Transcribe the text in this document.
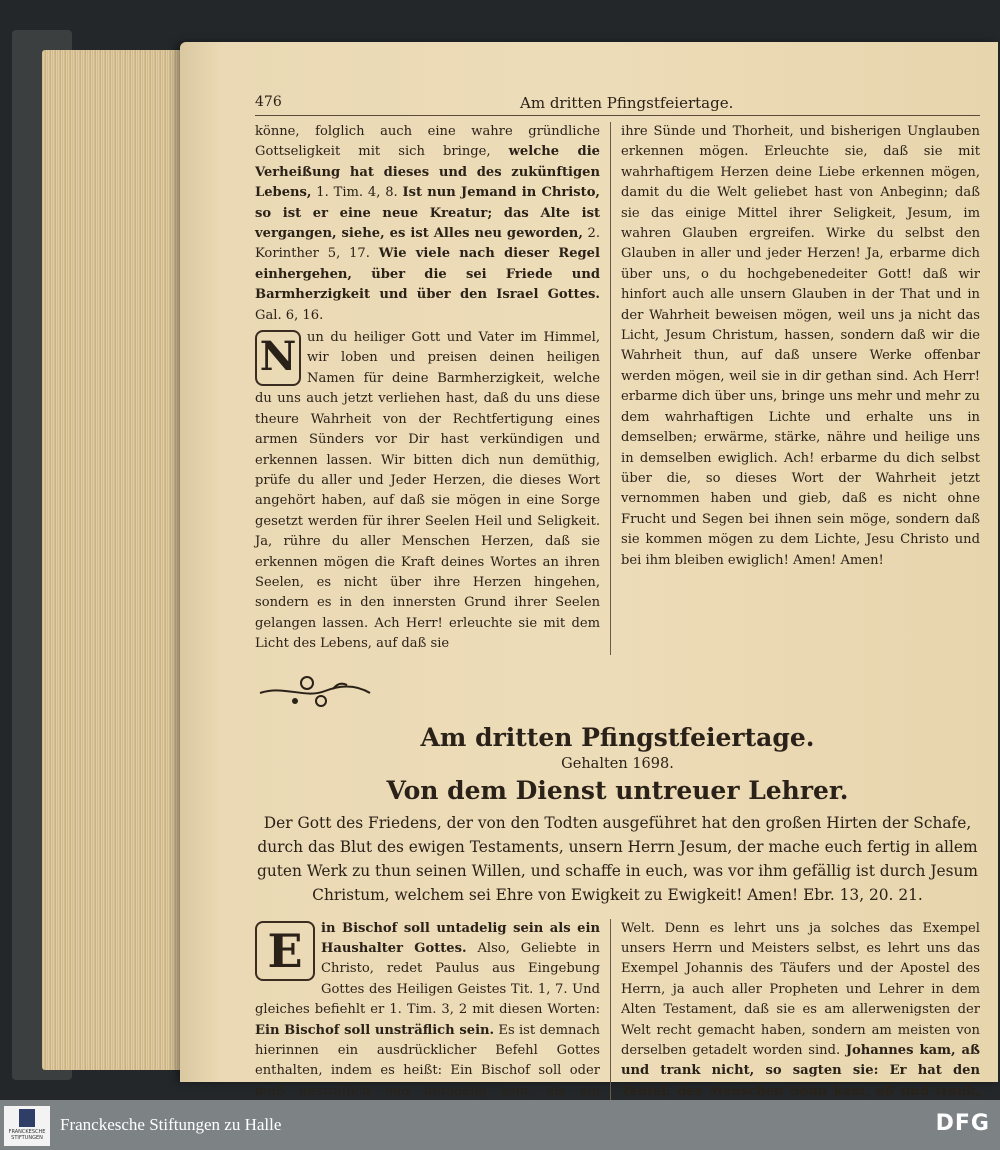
476	Am dritten Pfingstfeiertage.

könne, folglich auch eine wahre gründliche Gottseligkeit mit sich bringe, welche die Verheißung hat dieses und des zukünftigen Lebens, 1. Tim. 4, 8. Ist nun Jemand in Christo, so ist er eine neue Kreatur; das Alte ist vergangen, siehe, es ist Alles neu geworden, 2. Korinther 5, 17. Wie viele nach dieser Regel einhergehen, über die sei Friede und Barmherzigkeit und über den Israel Gottes. Gal. 6, 16.

N un du heiliger Gott und Vater im Himmel, wir loben und preisen deinen heiligen Namen für deine Barmherzigkeit, welche du uns auch jetzt verliehen hast, daß du uns diese theure Wahrheit von der Rechtfertigung eines armen Sünders vor Dir hast verkündigen und erkennen lassen. Wir bitten dich nun demüthig, prüfe du aller und Jeder Herzen, die dieses Wort angehört haben, auf daß sie mögen in eine Sorge gesetzt werden für ihrer Seelen Heil und Seligkeit. Ja, rühre du aller Menschen Herzen, daß sie erkennen mögen die Kraft deines Wortes an ihren Seelen, es nicht über ihre Herzen hingehen, sondern es in den innersten Grund ihrer Seelen gelangen lassen. Ach Herr! erleuchte sie mit dem Licht des Lebens, auf daß sie

ihre Sünde und Thorheit, und bisherigen Unglauben erkennen mögen. Erleuchte sie, daß sie mit wahrhaftigem Herzen deine Liebe erkennen mögen, damit du die Welt geliebet hast von Anbeginn; daß sie das einige Mittel ihrer Seligkeit, Jesum, im wahren Glauben ergreifen. Wirke du selbst den Glauben in aller und jeder Herzen! Ja, erbarme dich über uns, o du hochgebenedeiter Gott! daß wir hinfort auch alle unsern Glauben in der That und in der Wahrheit beweisen mögen, weil uns ja nicht das Licht, Jesum Christum, hassen, sondern daß wir die Wahrheit thun, auf daß unsere Werke offenbar werden mögen, weil sie in dir gethan sind. Ach Herr! erbarme dich über uns, bringe uns mehr und mehr zu dem wahrhaftigen Lichte und erhalte uns in demselben; erwärme, stärke, nähre und heilige uns in demselben ewiglich. Ach! erbarme du dich selbst über die, so dieses Wort der Wahrheit jetzt vernommen haben und gieb, daß es nicht ohne Frucht und Segen bei ihnen sein möge, sondern daß sie kommen mögen zu dem Lichte, Jesu Christo und bei ihm bleiben ewiglich! Amen! Amen!

Am dritten Pfingstfeiertage.
Gehalten 1698.
Von dem Dienst untreuer Lehrer.
Der Gott des Friedens, der von den Todten ausgeführet hat den großen Hirten der Schafe, durch das Blut des ewigen Testaments, unsern Herrn Jesum, der mache euch fertig in allem guten Werk zu thun seinen Willen, und schaffe in euch, was vor ihm gefällig ist durch Jesum Christum, welchem sei Ehre von Ewigkeit zu Ewigkeit! Amen! Ebr. 13, 20. 21.

E	in Bischof soll untadelig sein als ein Haushalter Gottes. Also, Geliebte in Christo, redet Paulus aus Eingebung Gottes des Heiligen Geistes Tit. 1, 7. Und gleiches befiehlt er 1. Tim. 3, 2 mit diesen Worten: Ein Bischof soll unsträflich sein. Es ist demnach hierinnen ein ausdrücklicher Befehl Gottes enthalten, indem es heißt: Ein Bischof soll oder muß unsträflich und untadelig sein, als ein

Welt. Denn es lehrt uns ja solches das Exempel unsers Herrn und Meisters selbst, es lehrt uns das Exempel Johannis des Täufers und der Apostel des Herrn, ja auch aller Propheten und Lehrer in dem Alten Testament, daß sie es am allerwenigsten der Welt recht gemacht haben, sondern am meisten von derselben getadelt worden sind. Johannes kam, aß und trank nicht, so sagten sie: Er hat den Teufel; des Menschen Sohn kam, aß und trank,

FRANCKESCHE STIFTUNGEN
Franckesche Stiftungen zu Halle	DFG
